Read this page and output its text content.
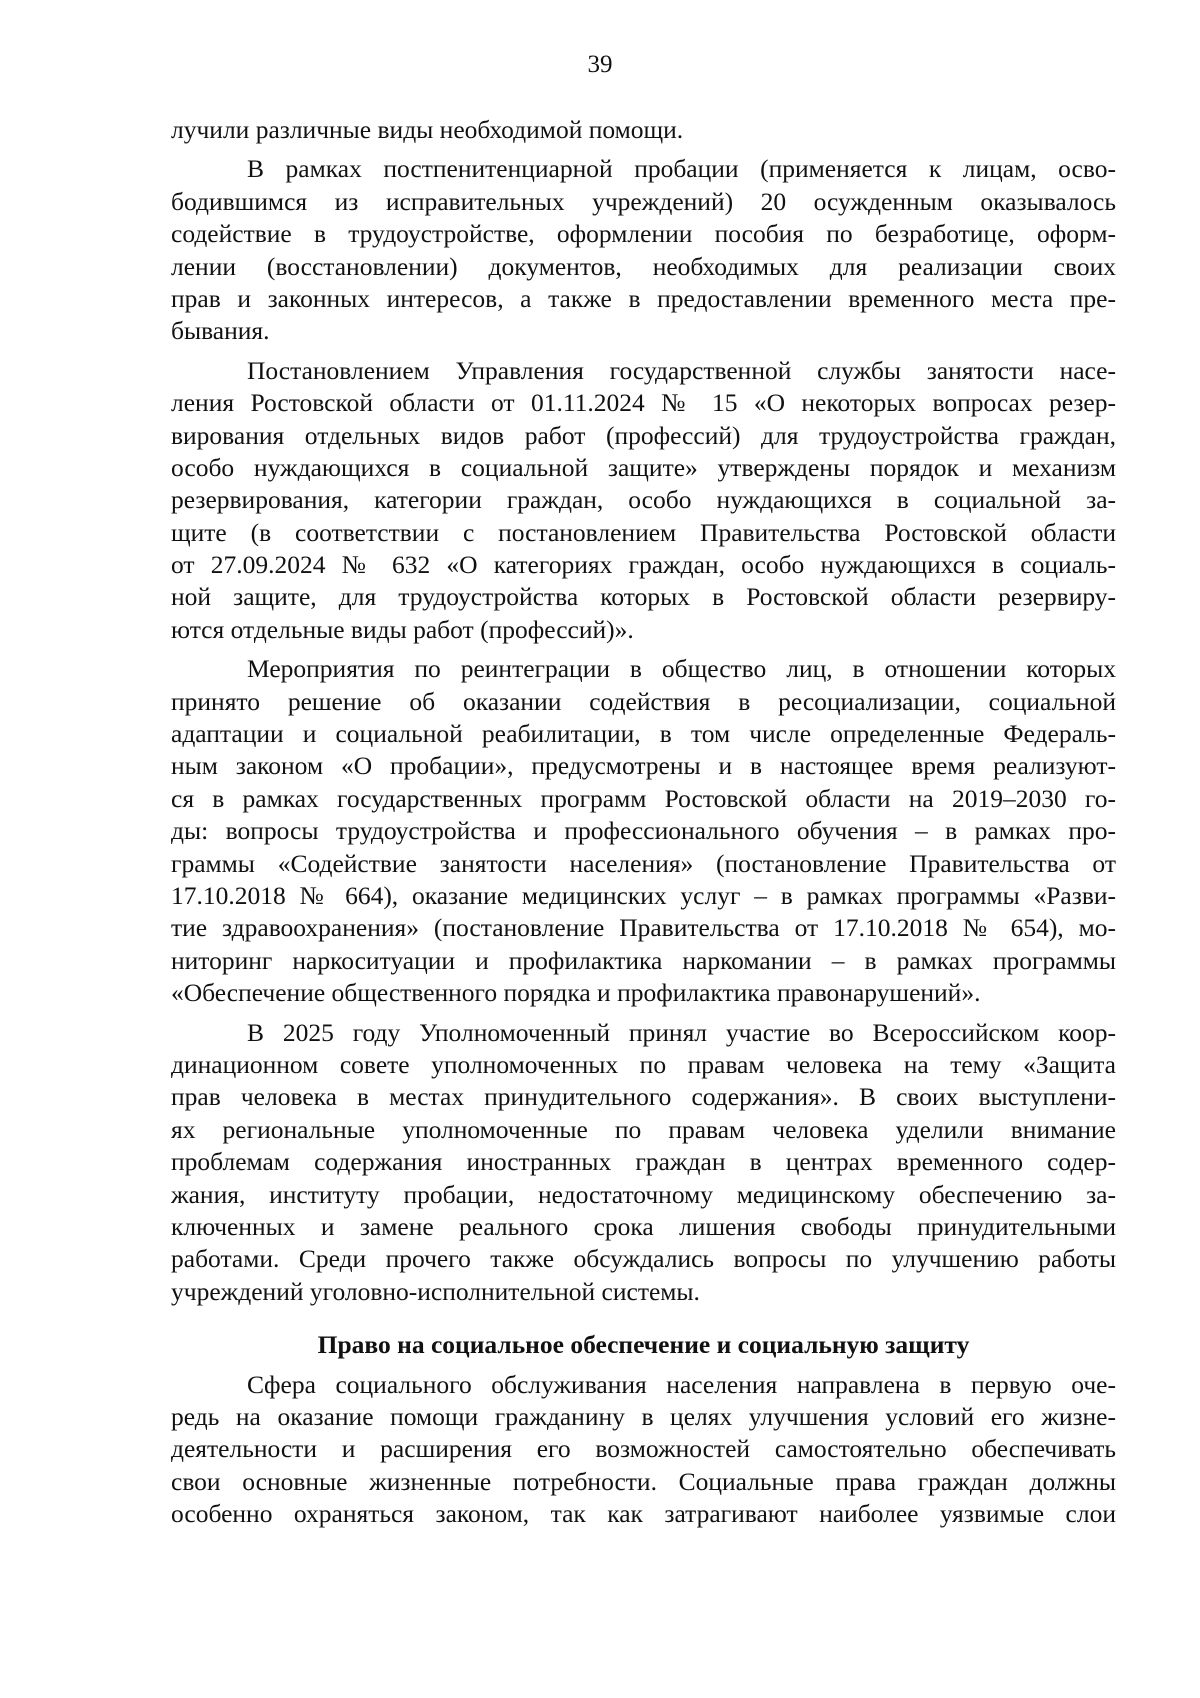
39
лучили различные виды необходимой помощи.
В рамках постпенитенциарной пробации (применяется к лицам, осво-
бодившимся из исправительных учреждений) 20 осужденным оказывалось
содействие в трудоустройстве, оформлении пособия по безработице, оформ-
лении (восстановлении) документов, необходимых для реализации своих
прав и законных интересов, а также в предоставлении временного места пре-
бывания.
Постановлением Управления государственной службы занятости насе-
ления Ростовской области от 01.11.2024 № 15 «О некоторых вопросах резер-
вирования отдельных видов работ (профессий) для трудоустройства граждан,
особо нуждающихся в социальной защите» утверждены порядок и механизм
резервирования, категории граждан, особо нуждающихся в социальной за-
щите (в соответствии с постановлением Правительства Ростовской области
от 27.09.2024 № 632 «О категориях граждан, особо нуждающихся в социаль-
ной защите, для трудоустройства которых в Ростовской области резервиру-
ются отдельные виды работ (профессий)».
Мероприятия по реинтеграции в общество лиц, в отношении которых
принято решение об оказании содействия в ресоциализации, социальной
адаптации и социальной реабилитации, в том числе определенные Федераль-
ным законом «О пробации», предусмотрены и в настоящее время реализуют-
ся в рамках государственных программ Ростовской области на 2019–2030 го-
ды: вопросы трудоустройства и профессионального обучения – в рамках про-
граммы «Содействие занятости населения» (постановление Правительства от
17.10.2018 № 664), оказание медицинских услуг – в рамках программы «Разви-
тие здравоохранения» (постановление Правительства от 17.10.2018 № 654), мо-
ниторинг наркоситуации и профилактика наркомании – в рамках программы
«Обеспечение общественного порядка и профилактика правонарушений».
В 2025 году Уполномоченный принял участие во Всероссийском коор-
динационном совете уполномоченных по правам человека на тему «Защита
прав человека в местах принудительного содержания». В своих выступлени-
ях региональные уполномоченные по правам человека уделили внимание
проблемам содержания иностранных граждан в центрах временного содер-
жания, институту пробации, недостаточному медицинскому обеспечению за-
ключенных и замене реального срока лишения свободы принудительными
работами. Среди прочего также обсуждались вопросы по улучшению работы
учреждений уголовно-исполнительной системы.
Право на социальное обеспечение и социальную защиту
Сфера социального обслуживания населения направлена в первую оче-
редь на оказание помощи гражданину в целях улучшения условий его жизне-
деятельности и расширения его возможностей самостоятельно обеспечивать
свои основные жизненные потребности. Социальные права граждан должны
особенно охраняться законом, так как затрагивают наиболее уязвимые слои
